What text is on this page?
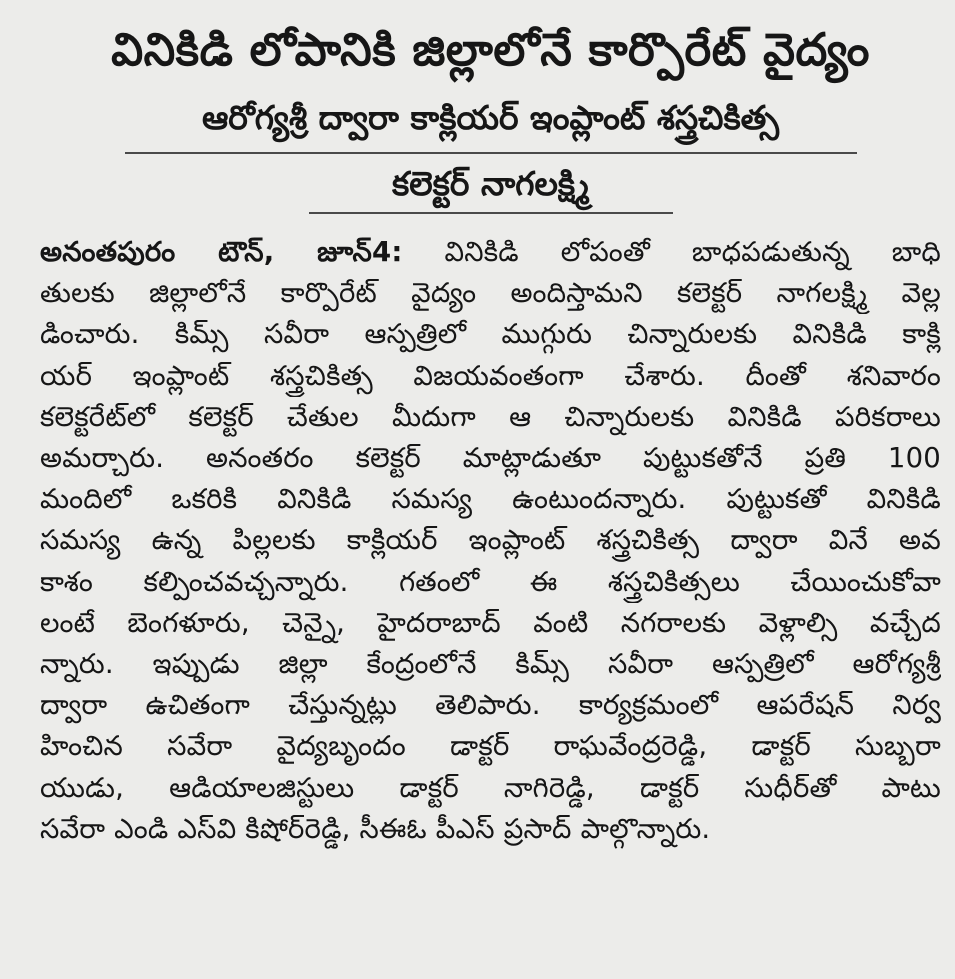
వినికిడి లోపానికి జిల్లాలోనే కార్పొరేట్ వైద్యం
ఆరోగ్యశ్రీ ద్వారా కాక్లియర్ ఇంప్లాంట్ శస్త్రచికిత్స
కలెక్టర్ నాగలక్ష్మి
అనంతపురం టౌన్, జూన్4: వినికిడి లోపంతో బాధపడుతున్న బాధి
తులకు జిల్లాలోనే కార్పొరేట్ వైద్యం అందిస్తామని కలెక్టర్ నాగలక్ష్మి వెల్ల
డించారు. కిమ్స్ సవీరా ఆస్పత్రిలో ముగ్గురు చిన్నారులకు వినికిడి కాక్లి
యర్ ఇంప్లాంట్ శస్త్రచికిత్స విజయవంతంగా చేశారు. దీంతో శనివారం
కలెక్టరేట్‌లో కలెక్టర్ చేతుల మీదుగా ఆ చిన్నారులకు వినికిడి పరికరాలు
అమర్చారు. అనంతరం కలెక్టర్ మాట్లాడుతూ పుట్టుకతోనే ప్రతి 100
మందిలో ఒకరికి వినికిడి సమస్య ఉంటుందన్నారు. పుట్టుకతో వినికిడి
సమస్య ఉన్న పిల్లలకు కాక్లియర్ ఇంప్లాంట్ శస్త్రచికిత్స ద్వారా వినే అవ
కాశం కల్పించవచ్చన్నారు. గతంలో ఈ శస్త్రచికిత్సలు చేయించుకోవా
లంటే బెంగళూరు, చెన్నై, హైదరాబాద్ వంటి నగరాలకు వెళ్లాల్సి వచ్చేద
న్నారు. ఇప్పుడు జిల్లా కేంద్రంలోనే కిమ్స్ సవీరా ఆస్పత్రిలో ఆరోగ్యశ్రీ
ద్వారా ఉచితంగా చేస్తున్నట్లు తెలిపారు. కార్యక్రమంలో ఆపరేషన్ నిర్వ
హించిన సవేరా వైద్యబృందం డాక్టర్ రాఘవేంద్రరెడ్డి, డాక్టర్ సుబ్బరా
యుడు, ఆడియాలజిస్టులు డాక్టర్ నాగిరెడ్డి, డాక్టర్ సుధీర్‌తో పాటు
సవేరా ఎండి ఎస్‌వి కిషోర్‌రెడ్డి, సీఈఓ పీఎస్ ప్రసాద్ పాల్గొన్నారు.
